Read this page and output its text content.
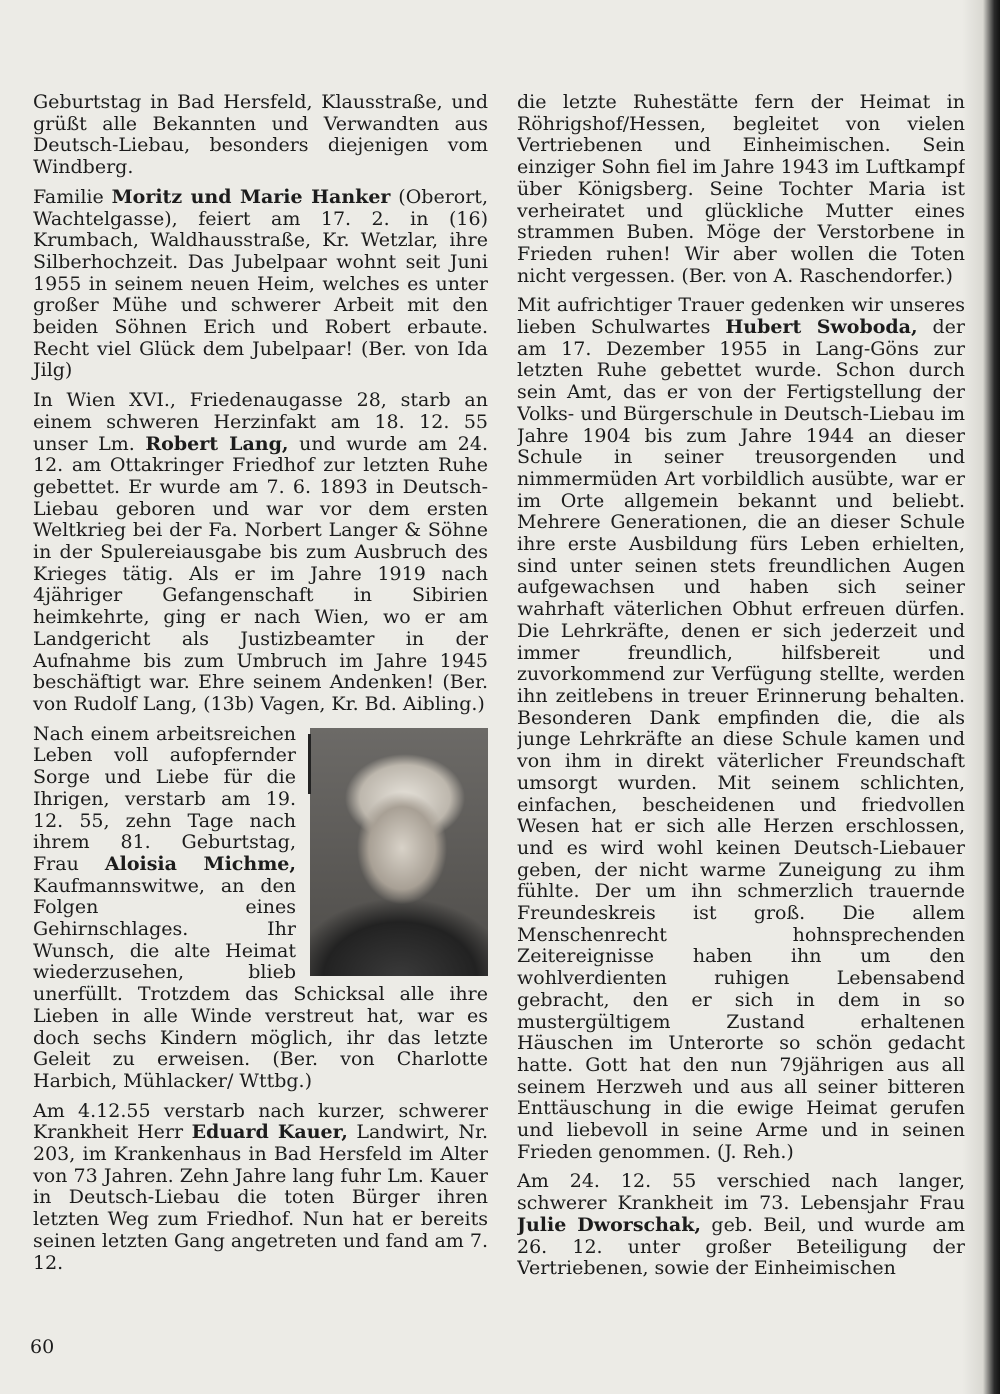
Geburtstag in Bad Hersfeld, Klausstraße, und grüßt alle Bekannten und Verwandten aus Deutsch-Liebau, besonders diejenigen vom Windberg.

Familie Moritz und Marie Hanker (Oberort, Wachtelgasse), feiert am 17. 2. in (16) Krumbach, Waldhausstraße, Kr. Wetzlar, ihre Silberhochzeit. Das Jubelpaar wohnt seit Juni 1955 in seinem neuen Heim, welches es unter großer Mühe und schwerer Arbeit mit den beiden Söhnen Erich und Robert erbaute. Recht viel Glück dem Jubelpaar! (Ber. von Ida Jilg)

In Wien XVI., Friedenaugasse 28, starb an einem schweren Herzinfakt am 18. 12. 55 unser Lm. Robert Lang, und wurde am 24. 12. am Ottakringer Friedhof zur letzten Ruhe gebettet. Er wurde am 7. 6. 1893 in Deutsch-Liebau geboren und war vor dem ersten Weltkrieg bei der Fa. Norbert Langer & Söhne in der Spulereiausgabe bis zum Ausbruch des Krieges tätig. Als er im Jahre 1919 nach 4jähriger Gefangenschaft in Sibirien heimkehrte, ging er nach Wien, wo er am Landgericht als Justizbeamter in der Aufnahme bis zum Umbruch im Jahre 1945 beschäftigt war. Ehre seinem Andenken! (Ber. von Rudolf Lang, (13b) Vagen, Kr. Bd. Aibling.)

Nach einem arbeitsreichen Leben voll aufopfernder Sorge und Liebe für die Ihrigen, verstarb am 19. 12. 55, zehn Tage nach ihrem 81. Geburtstag, Frau Aloisia Michme, Kaufmannswitwe, an den Folgen eines Gehirnschlages. Ihr Wunsch, die alte Heimat wiederzusehen, blieb unerfüllt. Trotzdem das Schicksal alle ihre Lieben in alle Winde verstreut hat, war es doch sechs Kindern möglich, ihr das letzte Geleit zu erweisen. (Ber. von Charlotte Harbich, Mühlacker/ Wttbg.)

Am 4.12.55 verstarb nach kurzer, schwerer Krankheit Herr Eduard Kauer, Landwirt, Nr. 203, im Krankenhaus in Bad Hersfeld im Alter von 73 Jahren. Zehn Jahre lang fuhr Lm. Kauer in Deutsch-Liebau die toten Bürger ihren letzten Weg zum Friedhof. Nun hat er bereits seinen letzten Gang angetreten und fand am 7. 12.

die letzte Ruhestätte fern der Heimat in Röhrigshof/Hessen, begleitet von vielen Vertriebenen und Einheimischen. Sein einziger Sohn fiel im Jahre 1943 im Luftkampf über Königsberg. Seine Tochter Maria ist verheiratet und glückliche Mutter eines strammen Buben. Möge der Verstorbene in Frieden ruhen! Wir aber wollen die Toten nicht vergessen. (Ber. von A. Raschendorfer.)

Mit aufrichtiger Trauer gedenken wir unseres lieben Schulwartes Hubert Swoboda, der am 17. Dezember 1955 in Lang-Göns zur letzten Ruhe gebettet wurde. Schon durch sein Amt, das er von der Fertigstellung der Volks- und Bürgerschule in Deutsch-Liebau im Jahre 1904 bis zum Jahre 1944 an dieser Schule in seiner treusorgenden und nimmermüden Art vorbildlich ausübte, war er im Orte allgemein bekannt und beliebt. Mehrere Generationen, die an dieser Schule ihre erste Ausbildung fürs Leben erhielten, sind unter seinen stets freundlichen Augen aufgewachsen und haben sich seiner wahrhaft väterlichen Obhut erfreuen dürfen. Die Lehrkräfte, denen er sich jederzeit und immer freundlich, hilfsbereit und zuvorkommend zur Verfügung stellte, werden ihn zeitlebens in treuer Erinnerung behalten. Besonderen Dank empfinden die, die als junge Lehrkräfte an diese Schule kamen und von ihm in direkt väterlicher Freundschaft umsorgt wurden. Mit seinem schlichten, einfachen, bescheidenen und friedvollen Wesen hat er sich alle Herzen erschlossen, und es wird wohl keinen Deutsch-Liebauer geben, der nicht warme Zuneigung zu ihm fühlte. Der um ihn schmerzlich trauernde Freundeskreis ist groß. Die allem Menschenrecht hohnsprechenden Zeitereignisse haben ihn um den wohlverdienten ruhigen Lebensabend gebracht, den er sich in dem in so mustergültigem Zustand erhaltenen Häuschen im Unterorte so schön gedacht hatte. Gott hat den nun 79jährigen aus all seinem Herzweh und aus all seiner bitteren Enttäuschung in die ewige Heimat gerufen und liebevoll in seine Arme und in seinen Frieden genommen. (J. Reh.)

Am 24. 12. 55 verschied nach langer, schwerer Krankheit im 73. Lebensjahr Frau Julie Dworschak, geb. Beil, und wurde am 26. 12. unter großer Beteiligung der Vertriebenen, sowie der Einheimischen

60
